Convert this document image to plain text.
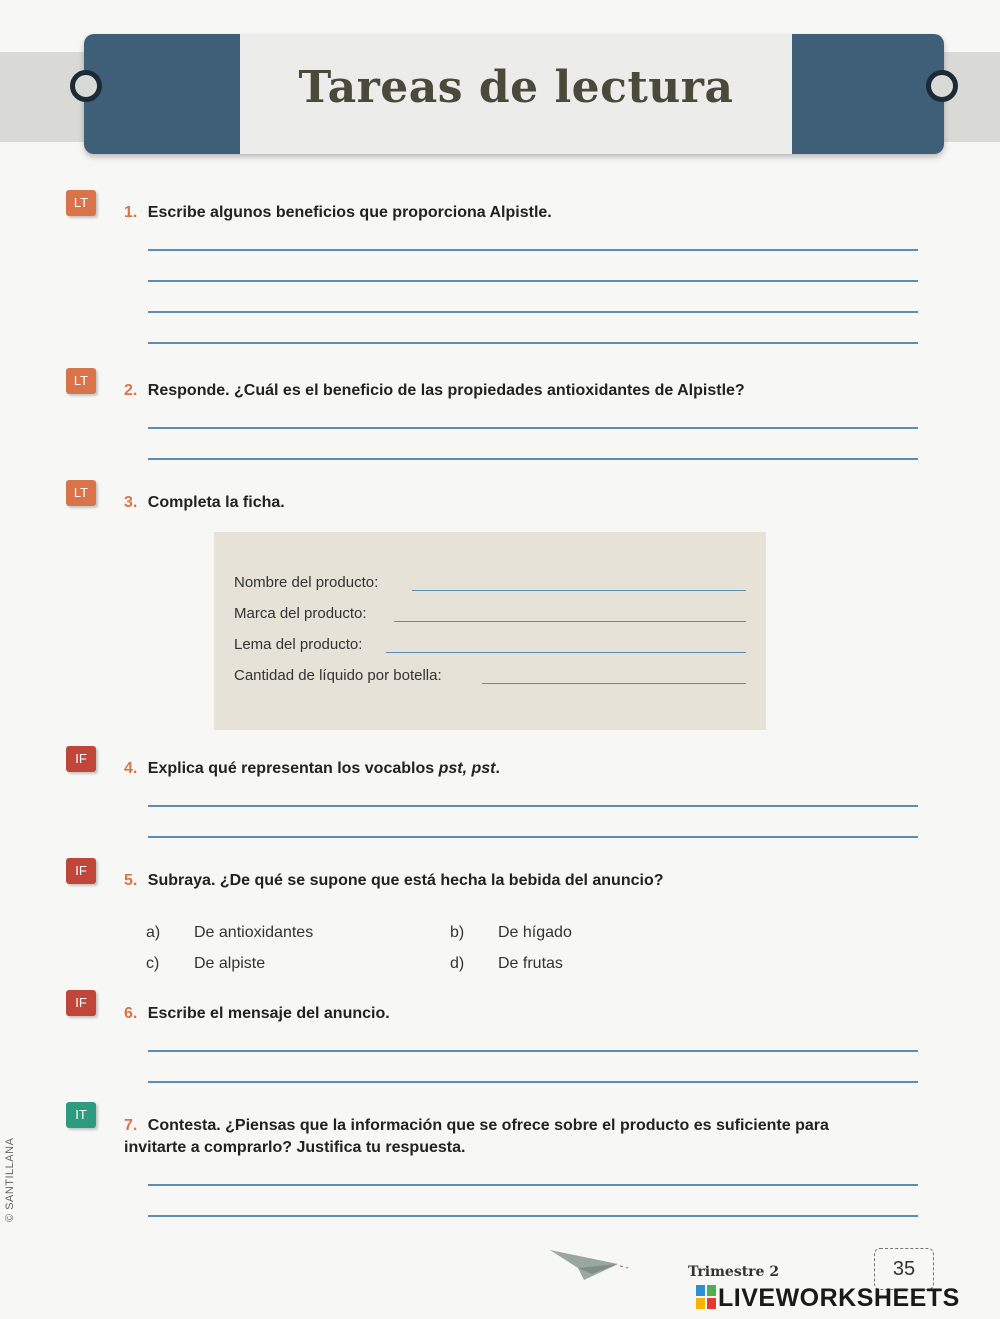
Tareas de lectura
LT
1. Escribe algunos beneficios que proporciona Alpistle.
LT
2. Responde. ¿Cuál es el beneficio de las propiedades antioxidantes de Alpistle?
LT
3. Completa la ficha.
Nombre del producto:
Marca del producto:
Lema del producto:
Cantidad de líquido por botella:
IF
4. Explica qué representan los vocablos pst, pst.
IF
5. Subraya. ¿De qué se supone que está hecha la bebida del anuncio?
a) De antioxidantes	b) De hígado
c) De alpiste	d) De frutas
IF
6. Escribe el mensaje del anuncio.
IT
7. Contesta. ¿Piensas que la información que se ofrece sobre el producto es suficiente para invitarte a comprarlo? Justifica tu respuesta.
© SANTILLANA
Trimestre 2	35
LIVEWORKSHEETS
